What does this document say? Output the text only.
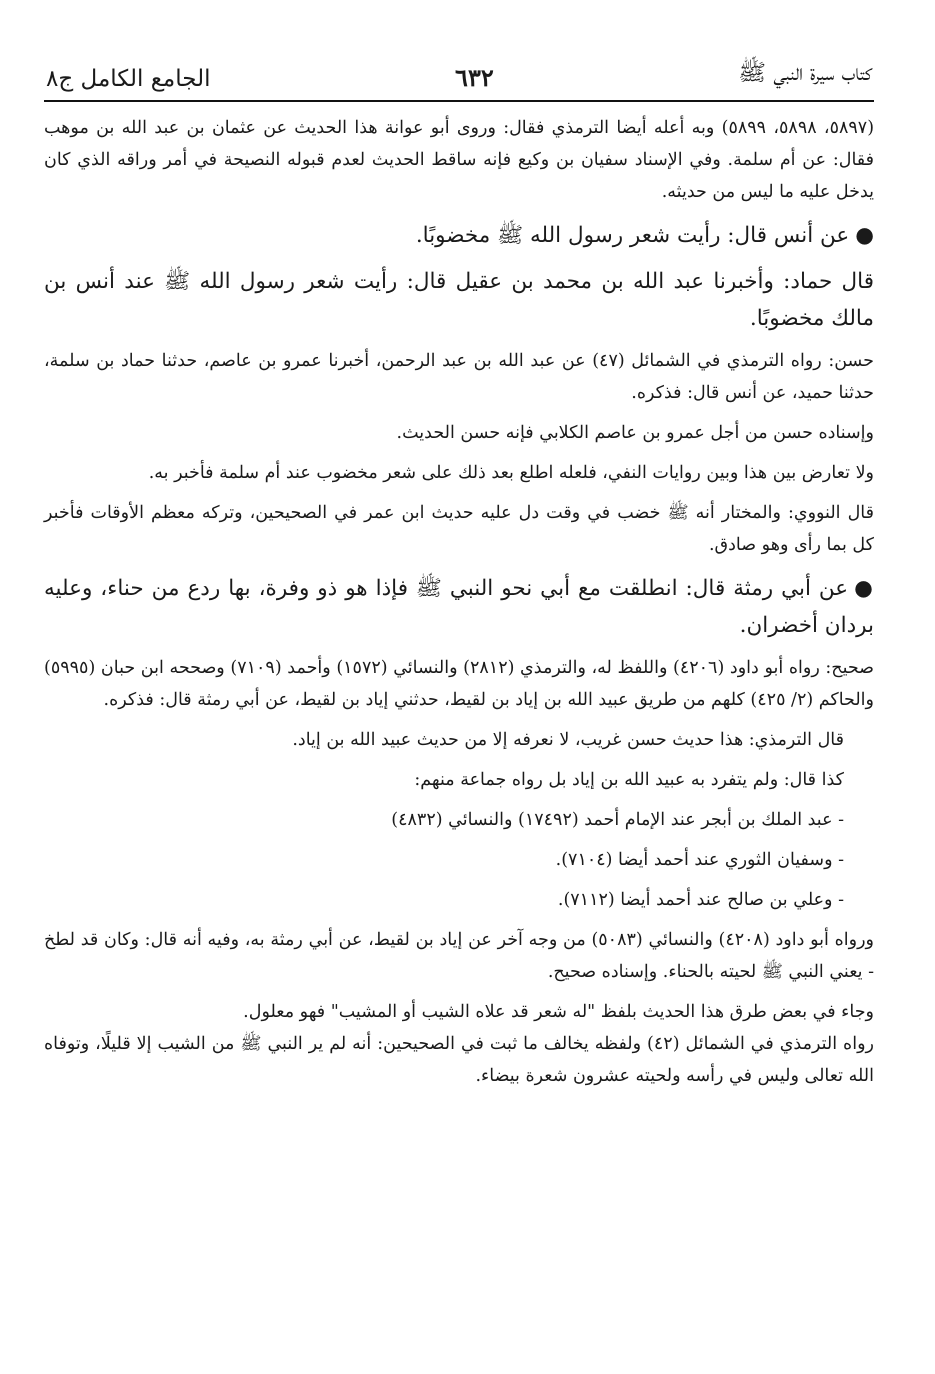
كتاب سيرة النبي ﷺ
٦٣٢
الجامع الكامل ج٨

(٥٨٩٧، ٥٨٩٨، ٥٨٩٩) وبه أعله أيضا الترمذي فقال: وروى أبو عوانة هذا الحديث عن عثمان بن عبد الله بن موهب فقال: عن أم سلمة. وفي الإسناد سفيان بن وكيع فإنه ساقط الحديث لعدم قبوله النصيحة في أمر وراقه الذي كان يدخل عليه ما ليس من حديثه.

●عن أنس قال: رأيت شعر رسول الله ﷺ مخضوبًا.

قال حماد: وأخبرنا عبد الله بن محمد بن عقيل قال: رأيت شعر رسول الله ﷺ عند أنس بن مالك مخضوبًا.

حسن: رواه الترمذي في الشمائل (٤٧) عن عبد الله بن عبد الرحمن، أخبرنا عمرو بن عاصم، حدثنا حماد بن سلمة، حدثنا حميد، عن أنس قال: فذكره.

وإسناده حسن من أجل عمرو بن عاصم الكلابي فإنه حسن الحديث.

ولا تعارض بين هذا وبين روايات النفي، فلعله اطلع بعد ذلك على شعر مخضوب عند أم سلمة فأخبر به.

قال النووي: والمختار أنه ﷺ خضب في وقت دل عليه حديث ابن عمر في الصحيحين، وتركه معظم الأوقات فأخبر كل بما رأى وهو صادق.

●عن أبي رمثة قال: انطلقت مع أبي نحو النبي ﷺ فإذا هو ذو وفرة، بها ردع من حناء، وعليه بردان أخضران.

صحيح: رواه أبو داود (٤٢٠٦) واللفظ له، والترمذي (٢٨١٢) والنسائي (١٥٧٢) وأحمد (٧١٠٩) وصححه ابن حبان (٥٩٩٥) والحاكم (٢/ ٤٢٥) كلهم من طريق عبيد الله بن إياد بن لقيط، حدثني إياد بن لقيط، عن أبي رمثة قال: فذكره.

قال الترمذي: هذا حديث حسن غريب، لا نعرفه إلا من حديث عبيد الله بن إياد.

كذا قال: ولم يتفرد به عبيد الله بن إياد بل رواه جماعة منهم:

- عبد الملك بن أبجر عند الإمام أحمد (١٧٤٩٢) والنسائي (٤٨٣٢)

- وسفيان الثوري عند أحمد أيضا (٧١٠٤).

- وعلي بن صالح عند أحمد أيضا (٧١١٢).

ورواه أبو داود (٤٢٠٨) والنسائي (٥٠٨٣) من وجه آخر عن إياد بن لقيط، عن أبي رمثة به، وفيه أنه قال: وكان قد لطخ - يعني النبي ﷺ لحيته بالحناء. وإسناده صحيح.

وجاء في بعض طرق هذا الحديث بلفظ "له شعر قد علاه الشيب أو المشيب" فهو معلول.

رواه الترمذي في الشمائل (٤٢) ولفظه يخالف ما ثبت في الصحيحين: أنه لم ير النبي ﷺ من الشيب إلا قليلًا، وتوفاه الله تعالى وليس في رأسه ولحيته عشرون شعرة بيضاء.
